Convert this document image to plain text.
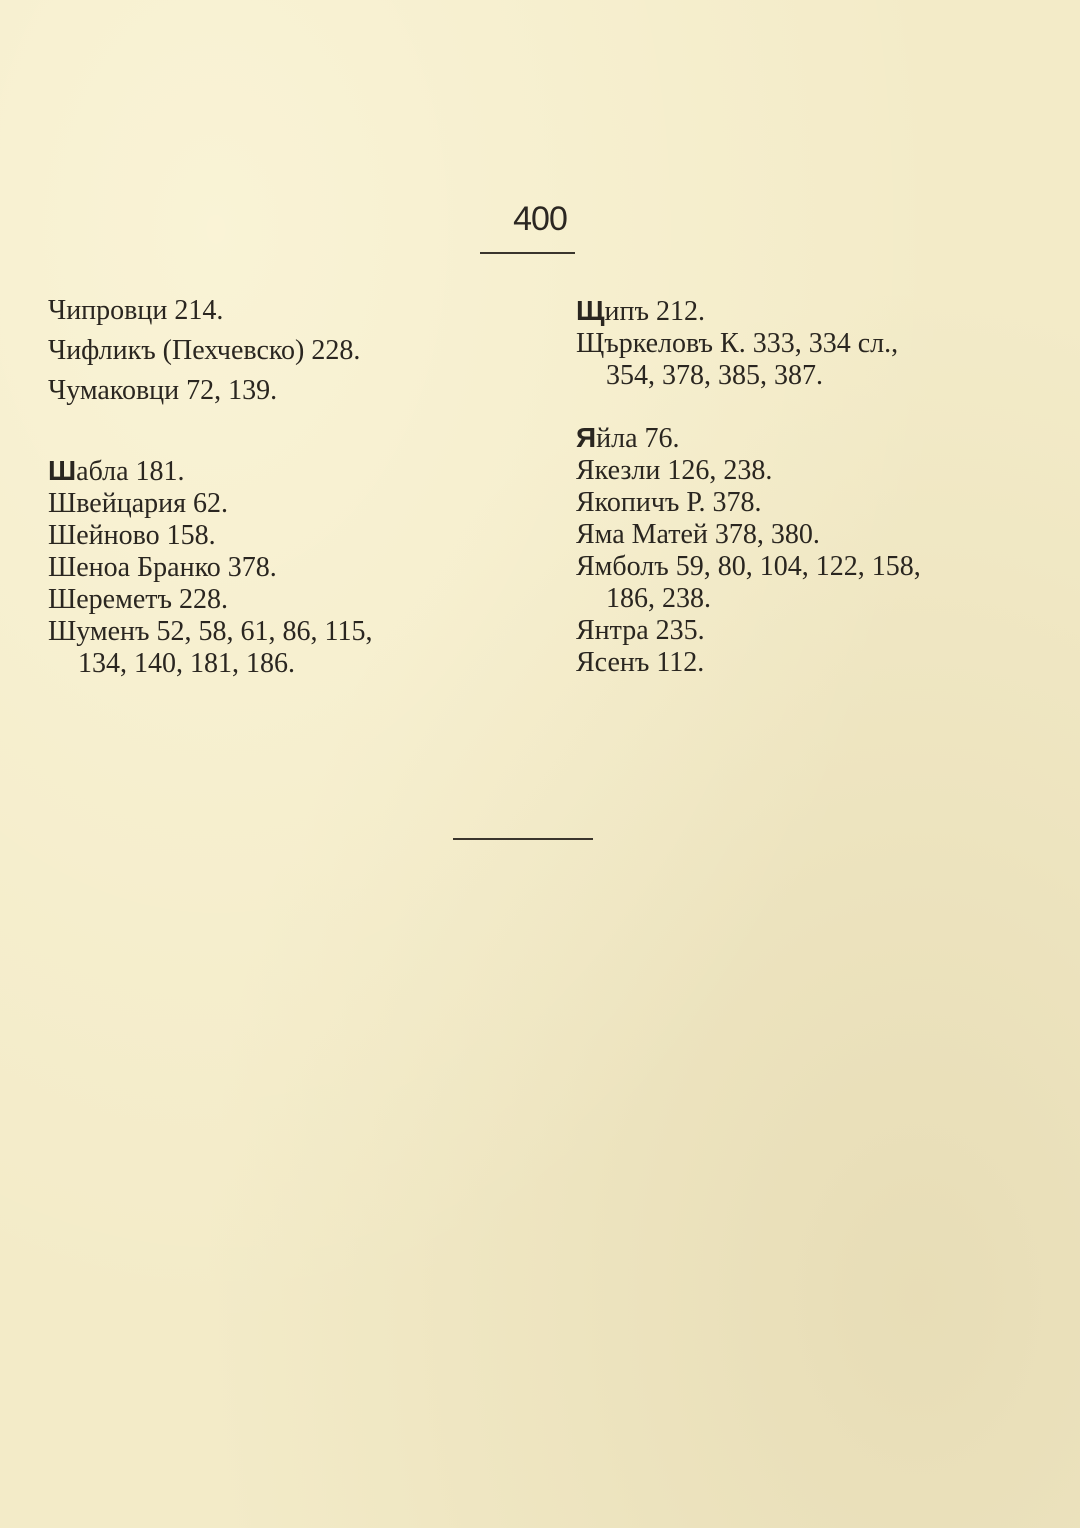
400

Чипровци 214.

Чифликъ (Пехчевско) 228.

Чумаковци 72, 139.

Шабла 181.

Швейцария 62.

Шейново 158.

Шеноа Бранко 378.

Шереметъ 228.

Шуменъ 52, 58, 61, 86, 115,
134, 140, 181, 186.

Щипъ 212.

Щъркеловъ К. 333, 334 сл.,
354, 378, 385, 387.

Яйла 76.

Якезли 126, 238.

Якопичъ Р. 378.

Яма Матей 378, 380.

Ямболъ 59, 80, 104, 122, 158,
186, 238.

Янтра 235.

Ясенъ 112.
